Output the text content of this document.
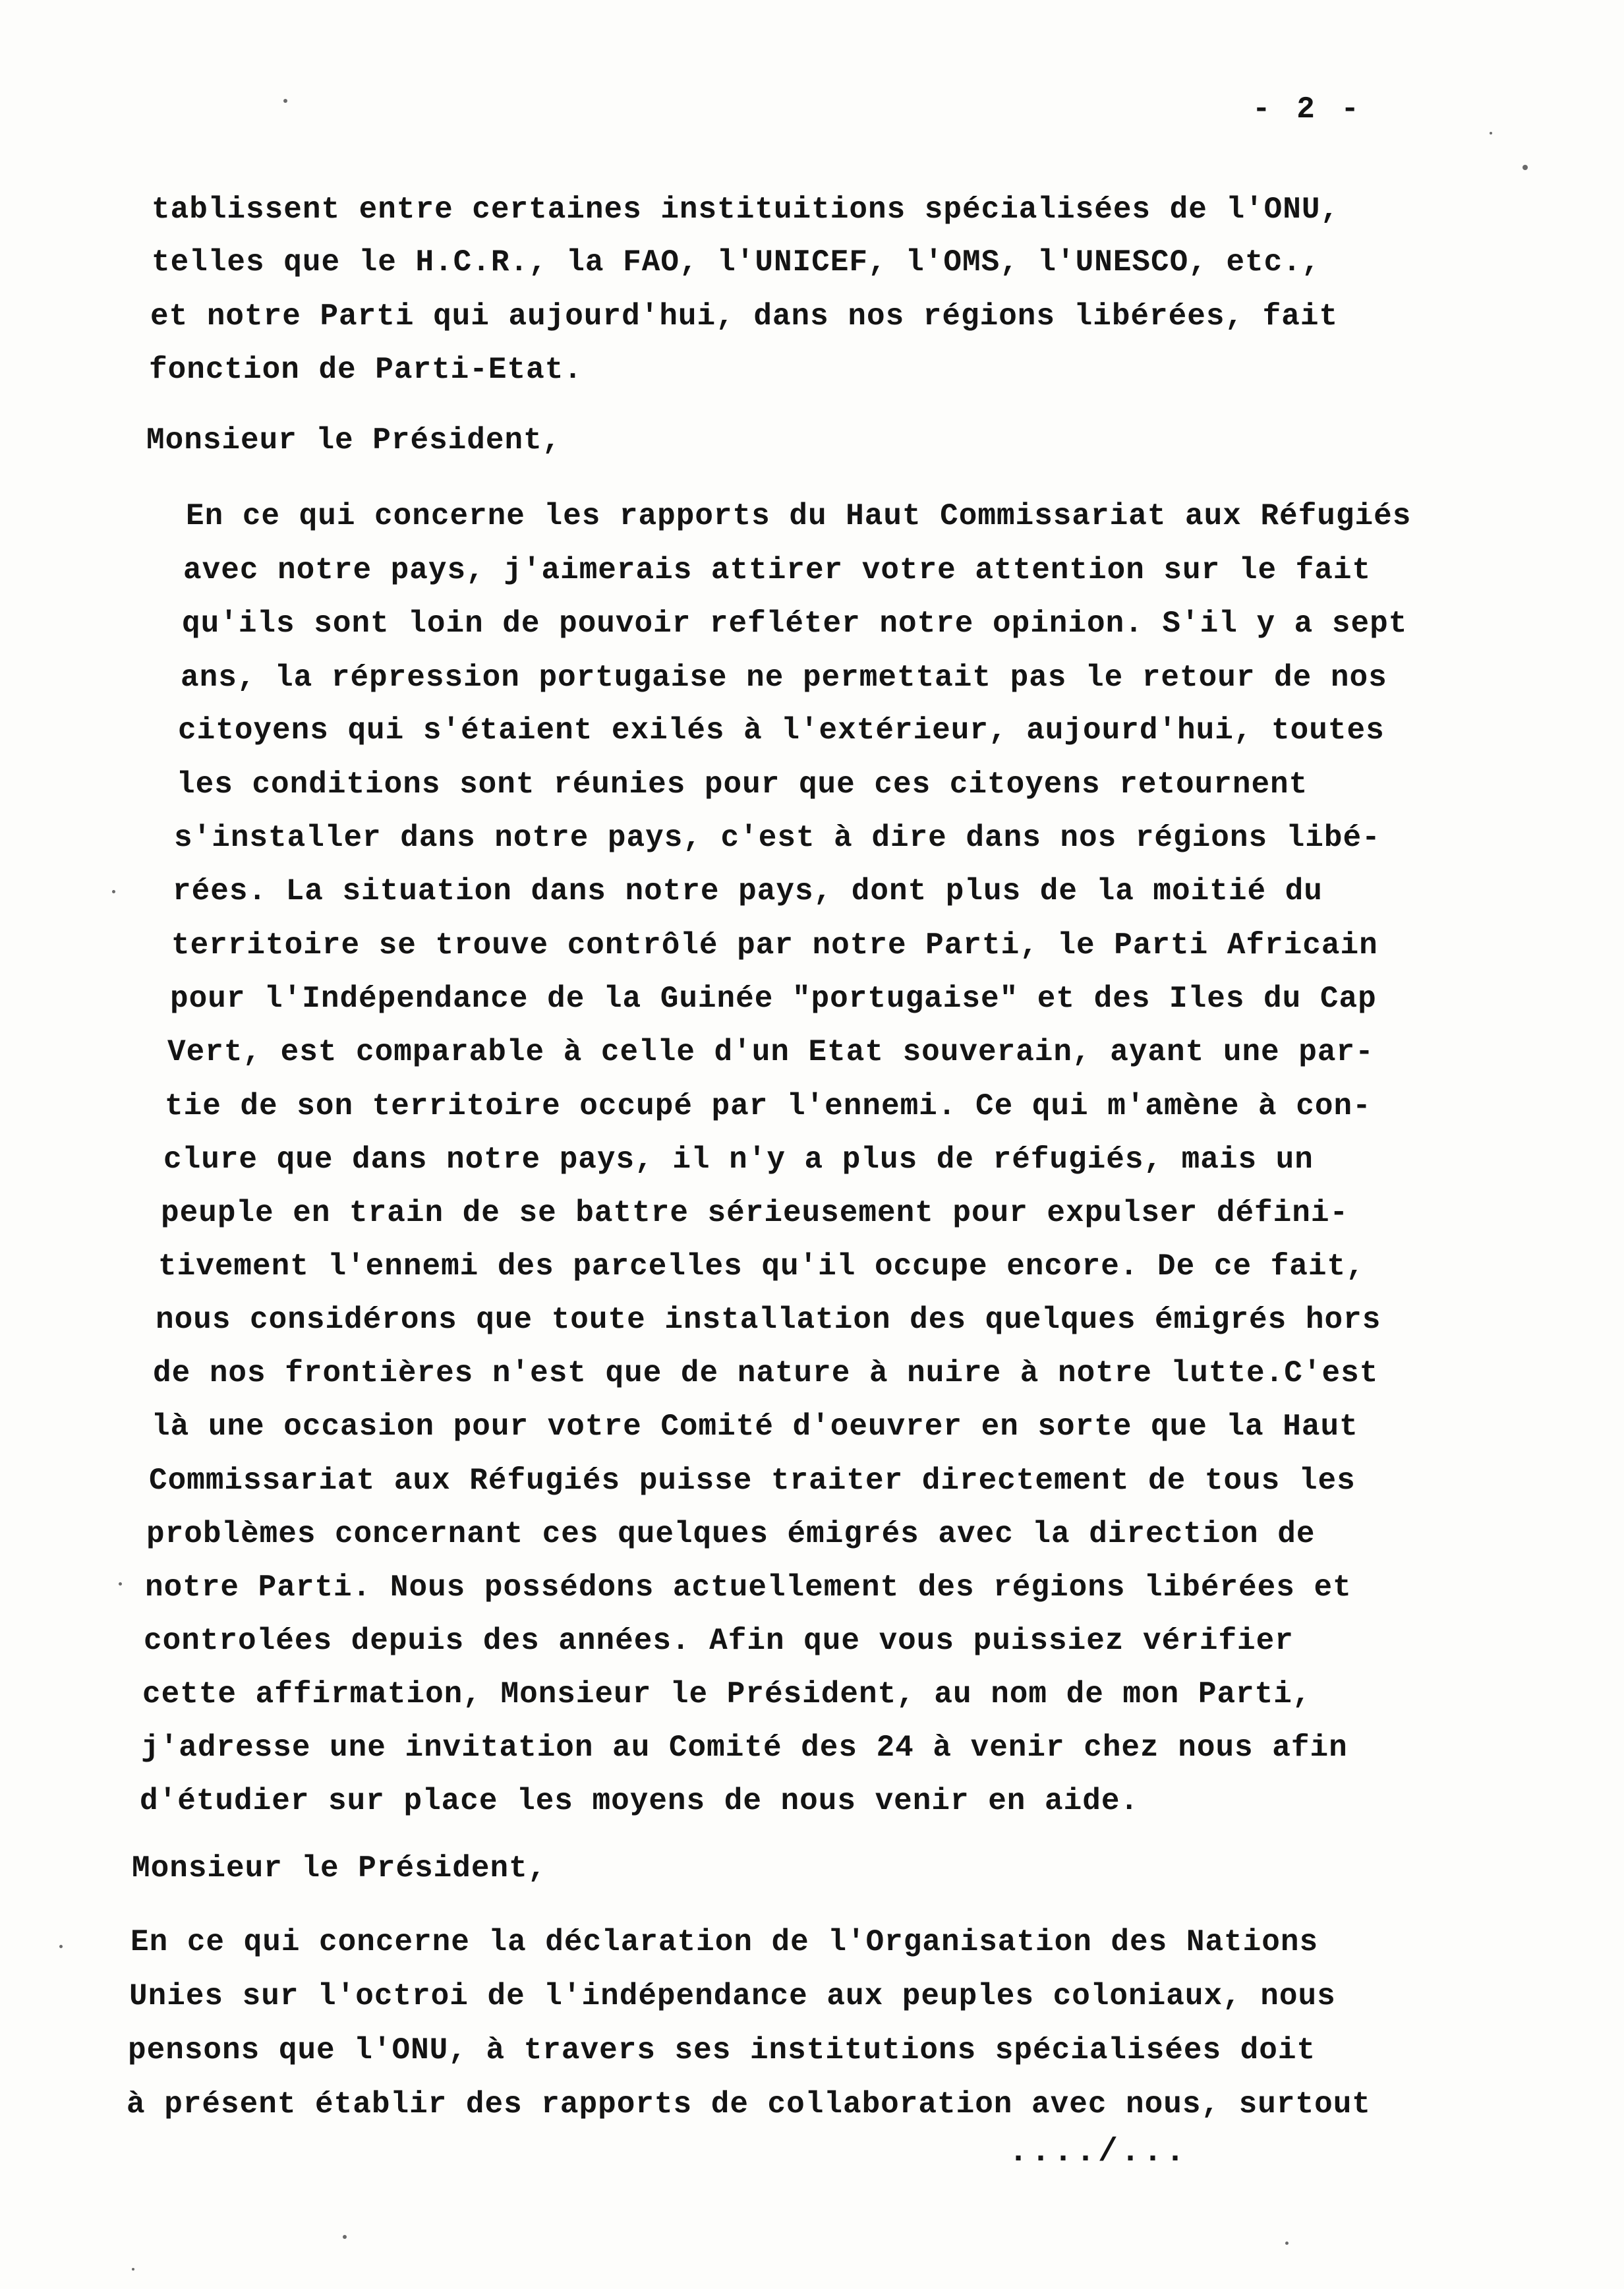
- 2 -
tablissent entre certaines instituitions spécialisées de l'ONU,
telles que le H.C.R., la FAO, l'UNICEF, l'OMS, l'UNESCO, etc.,
et notre Parti qui aujourd'hui, dans nos régions libérées, fait
fonction de Parti-Etat.
Monsieur le Président,
En ce qui concerne les rapports du Haut Commissariat aux Réfugiés
avec notre pays, j'aimerais attirer votre attention sur le fait
qu'ils sont loin de pouvoir refléter notre opinion. S'il y a sept
ans, la répression portugaise ne permettait pas le retour de nos
citoyens qui s'étaient exilés à l'extérieur, aujourd'hui, toutes
les conditions sont réunies pour que ces citoyens retournent
s'installer dans notre pays, c'est à dire dans nos régions libé-
rées. La situation dans notre pays, dont plus de la moitié du
territoire se trouve contrôlé par notre Parti, le Parti Africain
pour l'Indépendance de la Guinée "portugaise" et des Iles du Cap
Vert, est comparable à celle d'un Etat souverain, ayant une par-
tie de son territoire occupé par l'ennemi. Ce qui m'amène à con-
clure que dans notre pays, il n'y a plus de réfugiés, mais un
peuple en train de se battre sérieusement pour expulser défini-
tivement l'ennemi des parcelles qu'il occupe encore. De ce fait,
nous considérons que toute installation des quelques émigrés hors
de nos frontières n'est que de nature à nuire à notre lutte.C'est
là une occasion pour votre Comité d'oeuvrer en sorte que la Haut
Commissariat aux Réfugiés puisse traiter directement de tous les
problèmes concernant ces quelques émigrés avec la direction de
notre Parti. Nous possédons actuellement des régions libérées et
controlées depuis des années. Afin que vous puissiez vérifier
cette affirmation, Monsieur le Président, au nom de mon Parti,
j'adresse une invitation au Comité des 24 à venir chez nous afin
d'étudier sur place les moyens de nous venir en aide.
Monsieur le Président,
En ce qui concerne la déclaration de l'Organisation des Nations
Unies sur l'octroi de l'indépendance aux peuples coloniaux, nous
pensons que l'ONU, à travers ses institutions spécialisées doit
à présent établir des rapports de collaboration avec nous, surtout
..../...
